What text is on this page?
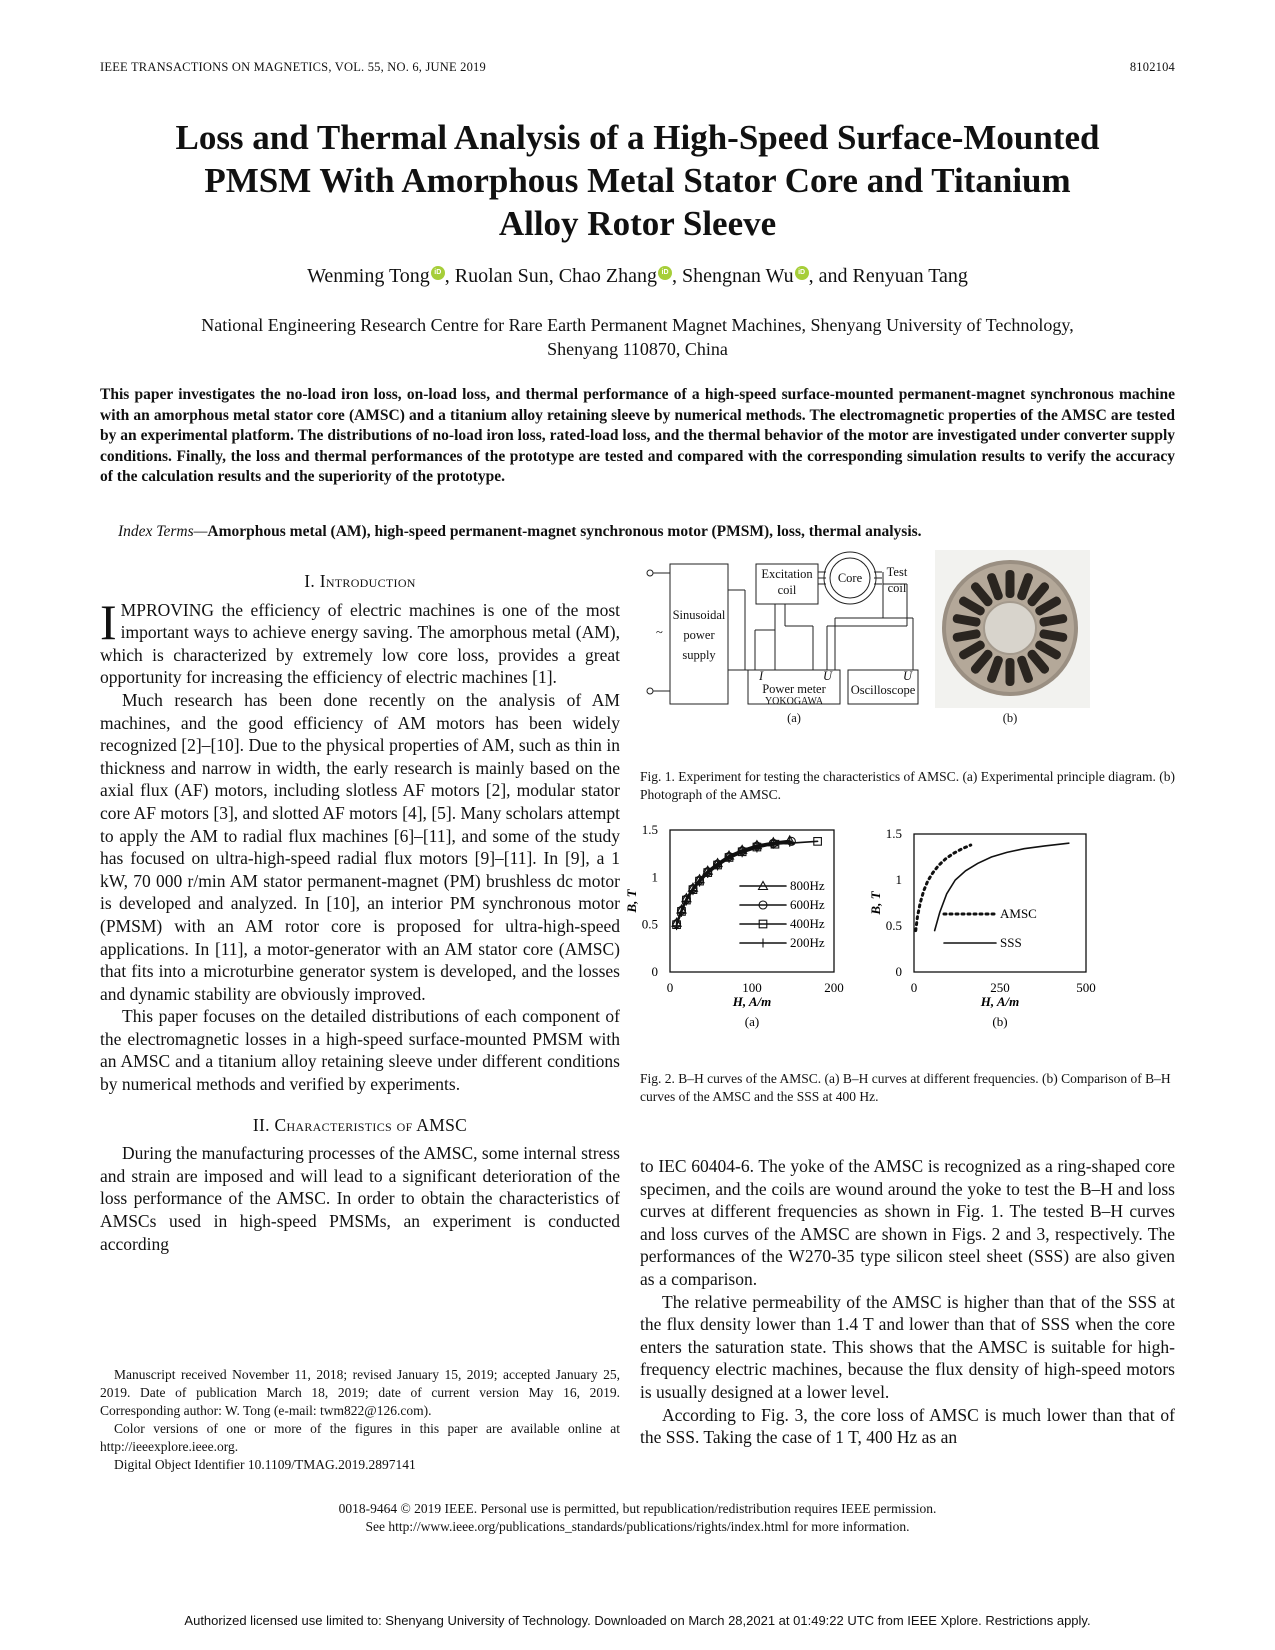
IEEE TRANSACTIONS ON MAGNETICS, VOL. 55, NO. 6, JUNE 2019	8102104
Loss and Thermal Analysis of a High-Speed Surface-Mounted
PMSM With Amorphous Metal Stator Core and Titanium
Alloy Rotor Sleeve
Wenming Tong iD , Ruolan Sun, Chao Zhang iD , Shengnan Wu iD , and Renyuan Tang
National Engineering Research Centre for Rare Earth Permanent Magnet Machines, Shenyang University of Technology,
Shenyang 110870, China
This paper investigates the no-load iron loss, on-load loss, and thermal performance of a high-speed surface-mounted permanent-magnet synchronous machine with an amorphous metal stator core (AMSC) and a titanium alloy retaining sleeve by numerical methods. The electromagnetic properties of the AMSC are tested by an experimental platform. The distributions of no-load iron loss, rated-load loss, and the thermal behavior of the motor are investigated under converter supply conditions. Finally, the loss and thermal performances of the prototype are tested and compared with the corresponding simulation results to verify the accuracy of the calculation results and the superiority of the prototype.
Index Terms—Amorphous metal (AM), high-speed permanent-magnet synchronous motor (PMSM), loss, thermal analysis.
I. Introduction

IMPROVING the efficiency of electric machines is one of the most important ways to achieve energy saving. The amorphous metal (AM), which is characterized by extremely low core loss, provides a great opportunity for increasing the efficiency of electric machines [1].

Much research has been done recently on the analysis of AM machines, and the good efficiency of AM motors has been widely recognized [2]–[10]. Due to the physical properties of AM, such as thin in thickness and narrow in width, the early research is mainly based on the axial flux (AF) motors, including slotless AF motors [2], modular stator core AF motors [3], and slotted AF motors [4], [5]. Many scholars attempt to apply the AM to radial flux machines [6]–[11], and some of the study has focused on ultra-high-speed radial flux motors [9]–[11]. In [9], a 1 kW, 70 000 r/min AM stator permanent-magnet (PM) brushless dc motor is developed and analyzed. In [10], an interior PM synchronous motor (PMSM) with an AM rotor core is proposed for ultra-high-speed applications. In [11], a motor-generator with an AM stator core (AMSC) that fits into a microturbine generator system is developed, and the losses and dynamic stability are obviously improved.

This paper focuses on the detailed distributions of each component of the electromagnetic losses in a high-speed surface-mounted PMSM with an AMSC and a titanium alloy retaining sleeve under different conditions by numerical methods and verified by experiments.

II. Characteristics of AMSC

During the manufacturing processes of the AMSC, some internal stress and strain are imposed and will lead to a significant deterioration of the loss performance of the AMSC. In order to obtain the characteristics of AMSCs used in high-speed PMSMs, an experiment is conducted according

Manuscript received November 11, 2018; revised January 15, 2019; accepted January 25, 2019. Date of publication March 18, 2019; date of current version May 16, 2019. Corresponding author: W. Tong (e-mail: twm822@126.com).

Color versions of one or more of the figures in this paper are available online at http://ieeexplore.ieee.org.

Digital Object Identifier 10.1109/TMAG.2019.2897141

~
Sinusoidal
power
supply
Excitation
coil
Core Test
coil
I	U
Power meter
YOKOGAWA
U
Oscilloscope
(a)	(b)
Fig. 1. Experiment for testing the characteristics of AMSC. (a) Experimental principle diagram. (b) Photograph of the AMSC.
0
0.5
1
1.5
0	100	200
H, A/m
B, T
(a)
800Hz
600Hz
400Hz
200Hz
0
0.5
1
1.5
0	250	500
H, A/m
B, T
(b)
AMSC
SSS
Fig. 2. B–H curves of the AMSC. (a) B–H curves at different frequencies. (b) Comparison of B–H curves of the AMSC and the SSS at 400 Hz.

to IEC 60404-6. The yoke of the AMSC is recognized as a ring-shaped core specimen, and the coils are wound around the yoke to test the B–H and loss curves at different frequencies as shown in Fig. 1. The tested B–H curves and loss curves of the AMSC are shown in Figs. 2 and 3, respectively. The performances of the W270-35 type silicon steel sheet (SSS) are also given as a comparison.

The relative permeability of the AMSC is higher than that of the SSS at the flux density lower than 1.4 T and lower than that of SSS when the core enters the saturation state. This shows that the AMSC is suitable for high-frequency electric machines, because the flux density of high-speed motors is usually designed at a lower level.

According to Fig. 3, the core loss of AMSC is much lower than that of the SSS. Taking the case of 1 T, 400 Hz as an

0018-9464 © 2019 IEEE. Personal use is permitted, but republication/redistribution requires IEEE permission.
See http://www.ieee.org/publications_standards/publications/rights/index.html for more information.
Authorized licensed use limited to: Shenyang University of Technology. Downloaded on March 28,2021 at 01:49:22 UTC from IEEE Xplore. Restrictions apply.
